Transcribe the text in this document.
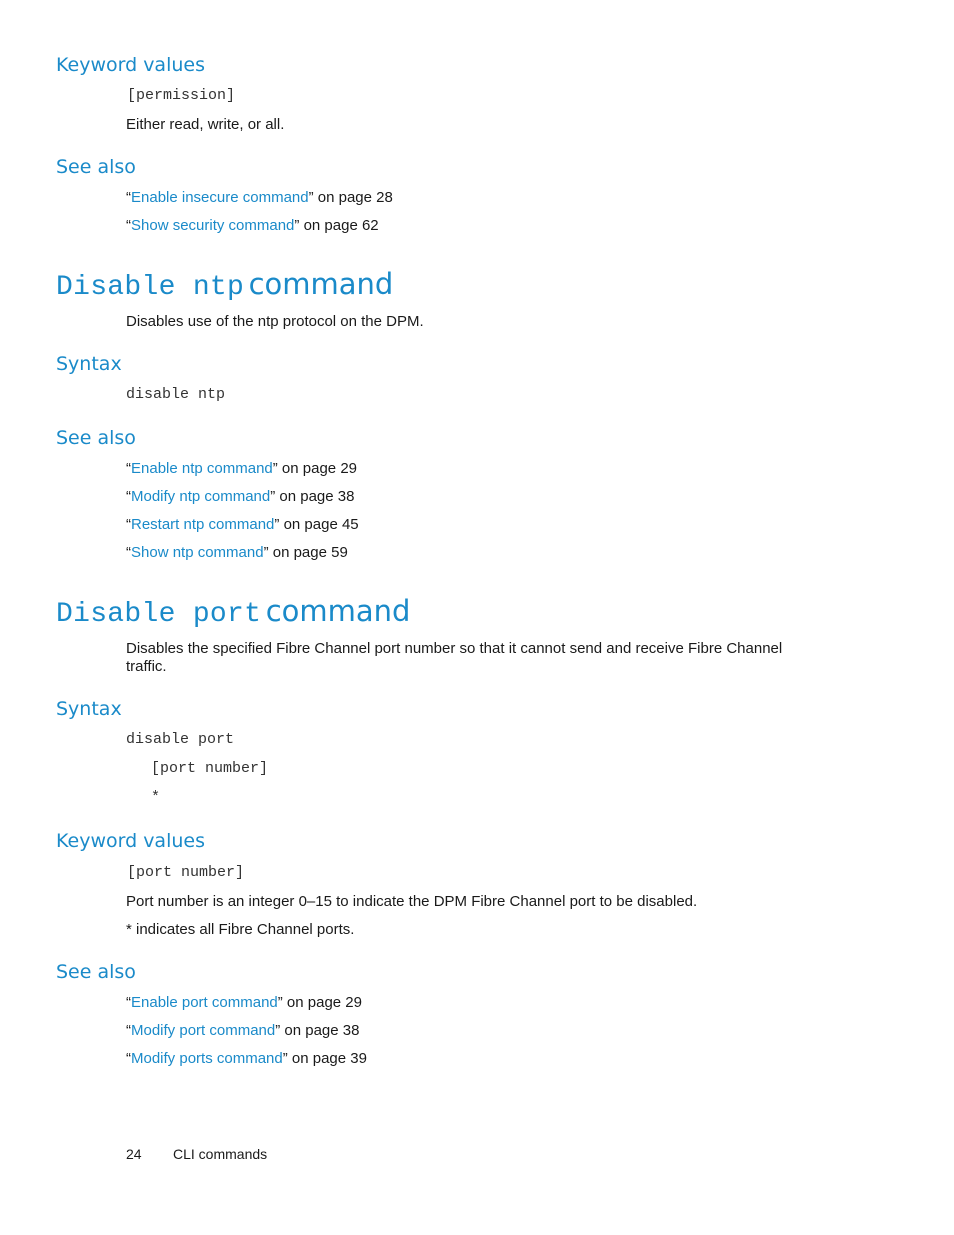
Keyword values
[permission]
Either read, write, or all.
See also
“Enable insecure command” on page 28
“Show security command” on page 62
Disable ntp command
Disables use of the ntp protocol on the DPM.
Syntax
disable ntp
See also
“Enable ntp command” on page 29
“Modify ntp command” on page 38
“Restart ntp command” on page 45
“Show ntp command” on page 59
Disable port command
Disables the specified Fibre Channel port number so that it cannot send and receive Fibre Channel
traffic.
Syntax
disable port
[port number]
*
Keyword values
[port number]
Port number is an integer 0–15 to indicate the DPM Fibre Channel port to be disabled.
* indicates all Fibre Channel ports.
See also
“Enable port command” on page 29
“Modify port command” on page 38
“Modify ports command” on page 39
24 CLI commands
